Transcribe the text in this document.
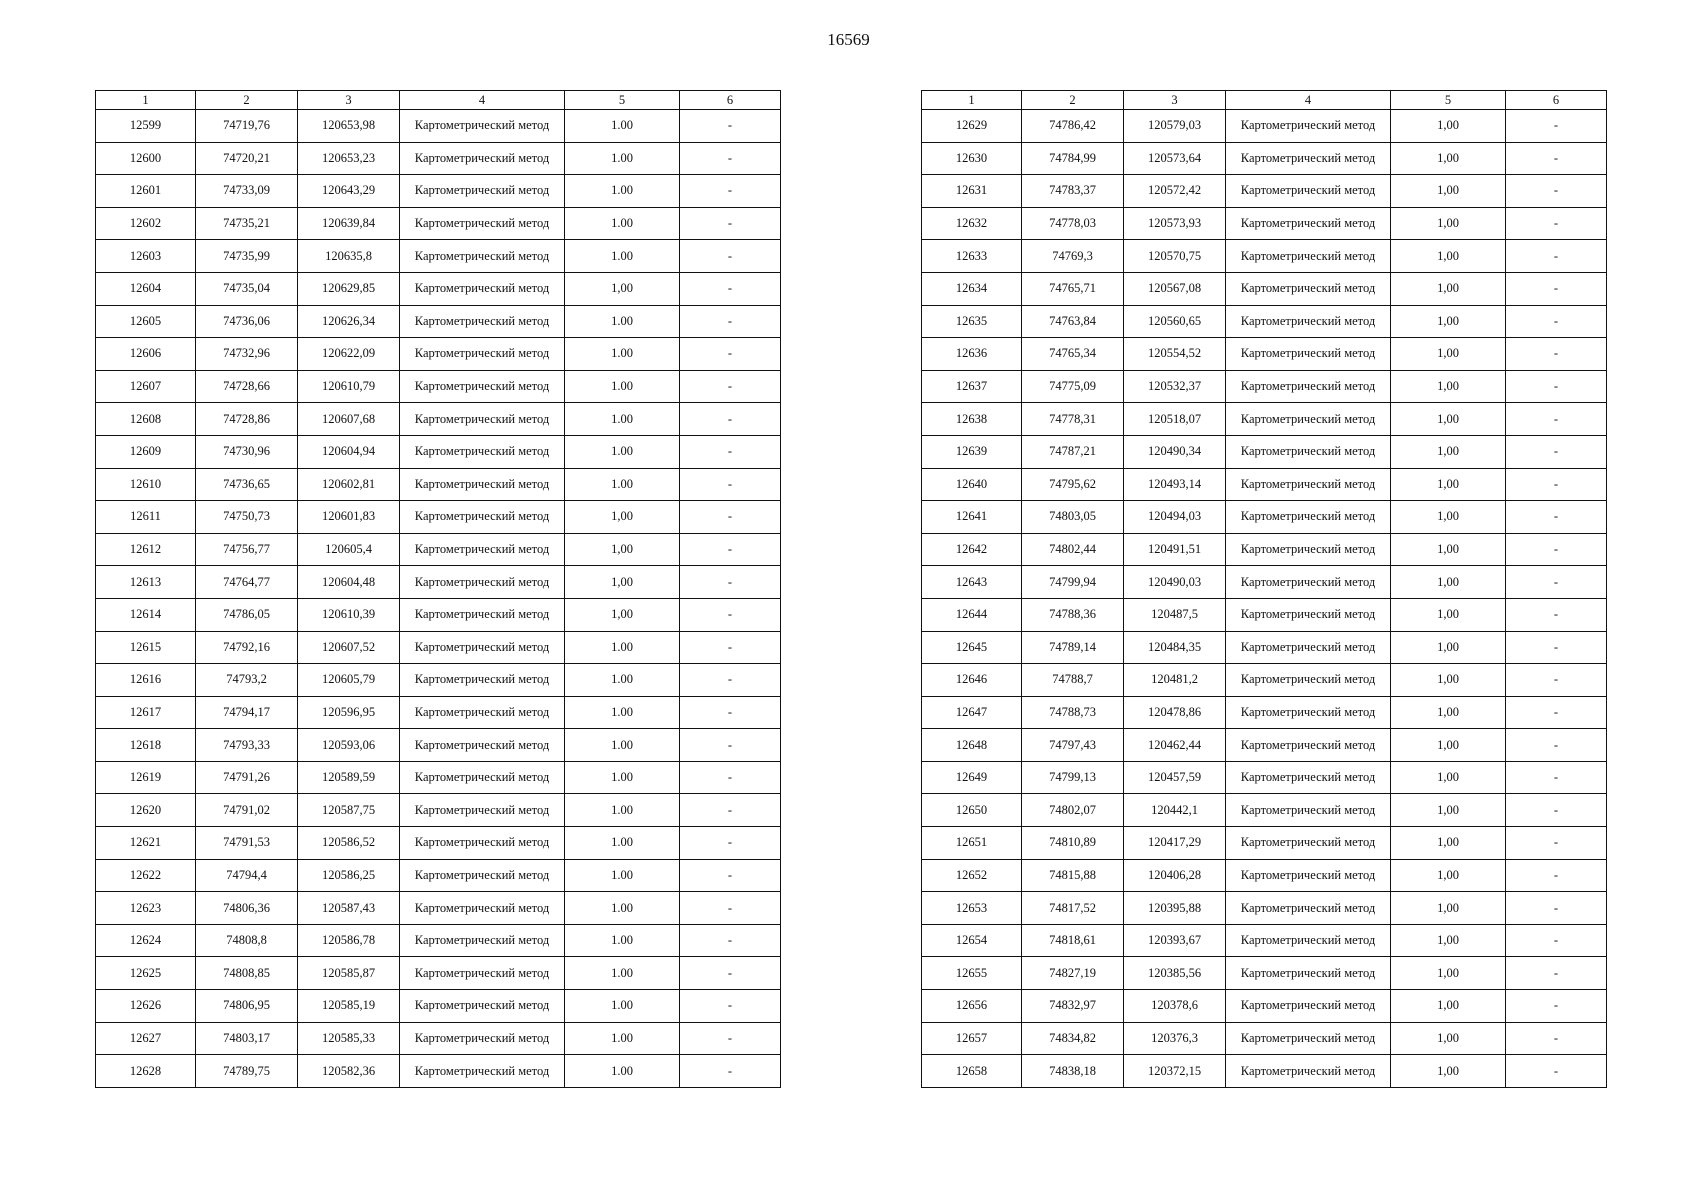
16569
1	2	3	4	5	6
12599	74719,76	120653,98	Картометрический метод	1.00	-
12600	74720,21	120653,23	Картометрический метод	1.00	-
12601	74733,09	120643,29	Картометрический метод	1.00	-
12602	74735,21	120639,84	Картометрический метод	1.00	-
12603	74735,99	120635,8	Картометрический метод	1.00	-
12604	74735,04	120629,85	Картометрический метод	1,00	-
12605	74736,06	120626,34	Картометрический метод	1.00	-
12606	74732,96	120622,09	Картометрический метод	1.00	-
12607	74728,66	120610,79	Картометрический метод	1.00	-
12608	74728,86	120607,68	Картометрический метод	1.00	-
12609	74730,96	120604,94	Картометрический метод	1.00	-
12610	74736,65	120602,81	Картометрический метод	1.00	-
12611	74750,73	120601,83	Картометрический метод	1,00	-
12612	74756,77	120605,4	Картометрический метод	1,00	-
12613	74764,77	120604,48	Картометрический метод	1,00	-
12614	74786,05	120610,39	Картометрический метод	1,00	-
12615	74792,16	120607,52	Картометрический метод	1.00	-
12616	74793,2	120605,79	Картометрический метод	1.00	-
12617	74794,17	120596,95	Картометрический метод	1.00	-
12618	74793,33	120593,06	Картометрический метод	1.00	-
12619	74791,26	120589,59	Картометрический метод	1.00	-
12620	74791,02	120587,75	Картометрический метод	1.00	-
12621	74791,53	120586,52	Картометрический метод	1.00	-
12622	74794,4	120586,25	Картометрический метод	1.00	-
12623	74806,36	120587,43	Картометрический метод	1.00	-
12624	74808,8	120586,78	Картометрический метод	1.00	-
12625	74808,85	120585,87	Картометрический метод	1.00	-
12626	74806,95	120585,19	Картометрический метод	1.00	-
12627	74803,17	120585,33	Картометрический метод	1.00	-
12628	74789,75	120582,36	Картометрический метод	1.00	-
1	2	3	4	5	6
12629	74786,42	120579,03	Картометрический метод	1,00	-
12630	74784,99	120573,64	Картометрический метод	1,00	-
12631	74783,37	120572,42	Картометрический метод	1,00	-
12632	74778,03	120573,93	Картометрический метод	1,00	-
12633	74769,3	120570,75	Картометрический метод	1,00	-
12634	74765,71	120567,08	Картометрический метод	1,00	-
12635	74763,84	120560,65	Картометрический метод	1,00	-
12636	74765,34	120554,52	Картометрический метод	1,00	-
12637	74775,09	120532,37	Картометрический метод	1,00	-
12638	74778,31	120518,07	Картометрический метод	1,00	-
12639	74787,21	120490,34	Картометрический метод	1,00	-
12640	74795,62	120493,14	Картометрический метод	1,00	-
12641	74803,05	120494,03	Картометрический метод	1,00	-
12642	74802,44	120491,51	Картометрический метод	1,00	-
12643	74799,94	120490,03	Картометрический метод	1,00	-
12644	74788,36	120487,5	Картометрический метод	1,00	-
12645	74789,14	120484,35	Картометрический метод	1,00	-
12646	74788,7	120481,2	Картометрический метод	1,00	-
12647	74788,73	120478,86	Картометрический метод	1,00	-
12648	74797,43	120462,44	Картометрический метод	1,00	-
12649	74799,13	120457,59	Картометрический метод	1,00	-
12650	74802,07	120442,1	Картометрический метод	1,00	-
12651	74810,89	120417,29	Картометрический метод	1,00	-
12652	74815,88	120406,28	Картометрический метод	1,00	-
12653	74817,52	120395,88	Картометрический метод	1,00	-
12654	74818,61	120393,67	Картометрический метод	1,00	-
12655	74827,19	120385,56	Картометрический метод	1,00	-
12656	74832,97	120378,6	Картометрический метод	1,00	-
12657	74834,82	120376,3	Картометрический метод	1,00	-
12658	74838,18	120372,15	Картометрический метод	1,00	-
